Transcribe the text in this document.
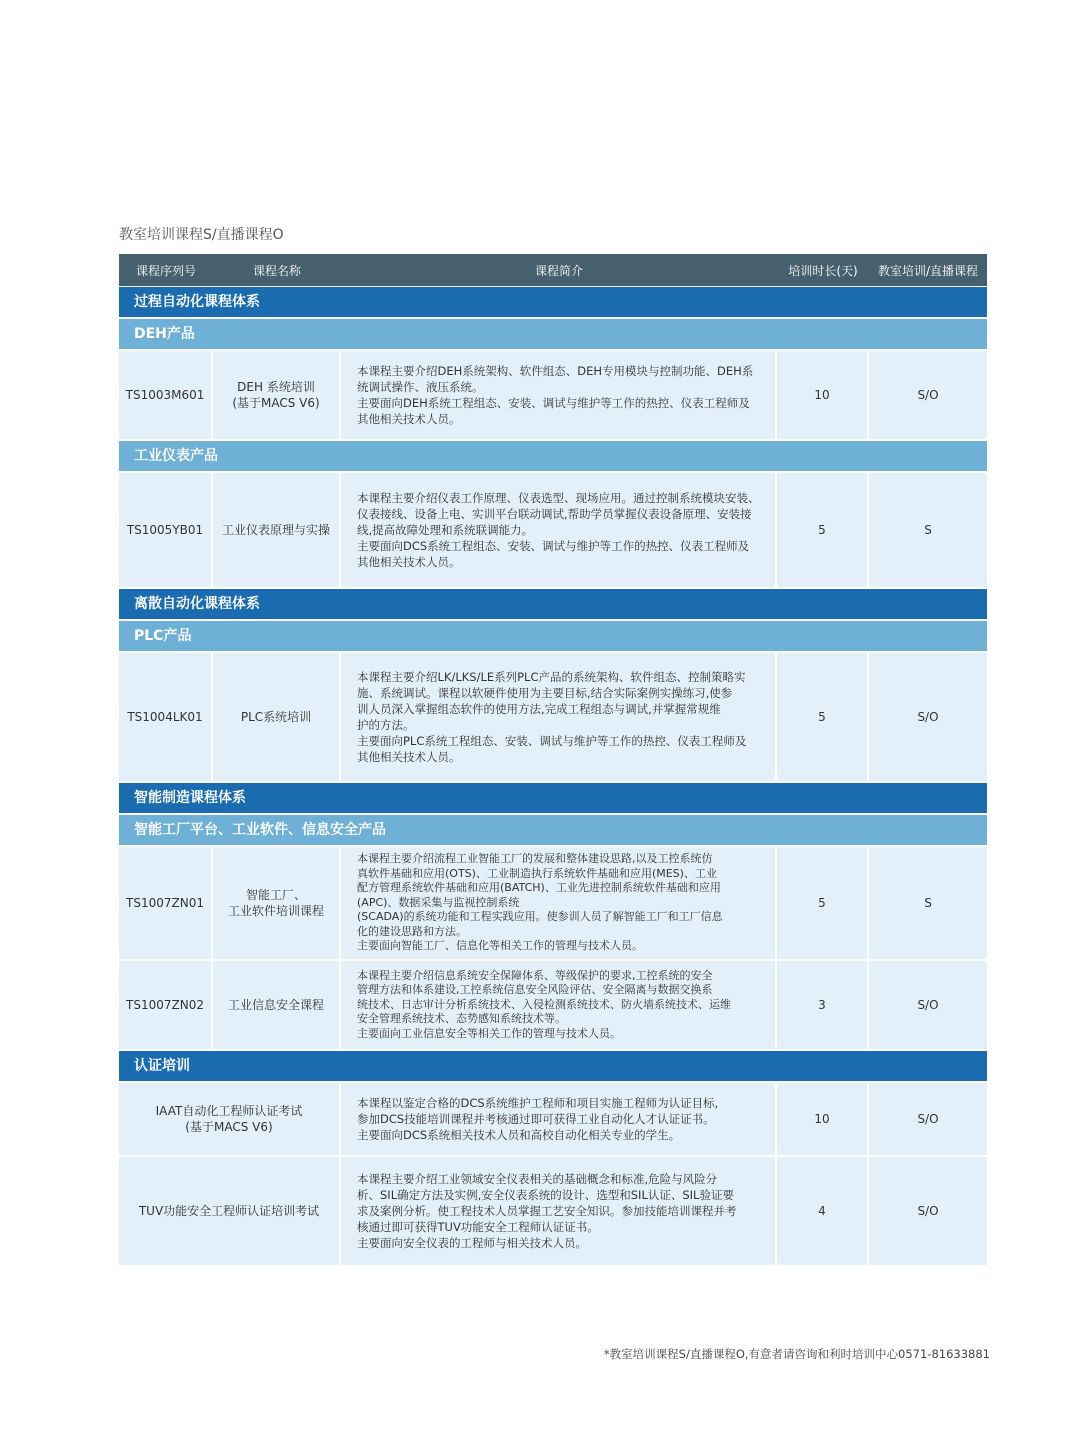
教室培训课程S/直播课程O
课程序列号	课程名称	课程简介	培训时长(天)	教室培训/直播课程
过程自动化课程体系
DEH产品
TS1003M601
DEH 系统培训
(基于MACS V6)
本课程主要介绍DEH系统架构、软件组态、DEH专用模块与控制功能、DEH系
统调试操作、液压系统。
主要面向DEH系统工程组态、安装、调试与维护等工作的热控、仪表工程师及
其他相关技术人员。
10	S/O
工业仪表产品
TS1005YB01	工业仪表原理与实操
本课程主要介绍仪表工作原理、仪表选型、现场应用。通过控制系统模块安装、
仪表接线、设备上电、实训平台联动调试,帮助学员掌握仪表设备原理、安装接
线,提高故障处理和系统联调能力。
主要面向DCS系统工程组态、安装、调试与维护等工作的热控、仪表工程师及
其他相关技术人员。
5	S
离散自动化课程体系
PLC产品
TS1004LK01	PLC系统培训
本课程主要介绍LK/LKS/LE系列PLC产品的系统架构、软件组态、控制策略实
施、系统调试。课程以软硬件使用为主要目标,结合实际案例实操练习,使参
训人员深入掌握组态软件的使用方法,完成工程组态与调试,并掌握常规维
护的方法。
主要面向PLC系统工程组态、安装、调试与维护等工作的热控、仪表工程师及
其他相关技术人员。
5	S/O
智能制造课程体系
智能工厂平台、工业软件、信息安全产品
TS1007ZN01
智能工厂、
工业软件培训课程
本课程主要介绍流程工业智能工厂的发展和整体建设思路,以及工控系统仿
真软件基础和应用(OTS)、工业制造执行系统软件基础和应用(MES)、工业
配方管理系统软件基础和应用(BATCH)、工业先进控制系统软件基础和应用
(APC)、数据采集与监视控制系统
(SCADA)的系统功能和工程实践应用。使参训人员了解智能工厂和工厂信息
化的建设思路和方法。
主要面向智能工厂、信息化等相关工作的管理与技术人员。
5	S
TS1007ZN02	工业信息安全课程
本课程主要介绍信息系统安全保障体系、等级保护的要求,工控系统的安全
管理方法和体系建设,工控系统信息安全风险评估、安全隔离与数据交换系
统技术、日志审计分析系统技术、入侵检测系统技术、防火墙系统技术、运维
安全管理系统技术、态势感知系统技术等。
主要面向工业信息安全等相关工作的管理与技术人员。
3	S/O
认证培训
IAAT自动化工程师认证考试
(基于MACS V6)
本课程以鉴定合格的DCS系统维护工程师和项目实施工程师为认证目标,
参加DCS技能培训课程并考核通过即可获得工业自动化人才认证证书。
主要面向DCS系统相关技术人员和高校自动化相关专业的学生。
10	S/O
TUV功能安全工程师认证培训考试
本课程主要介绍工业领域安全仪表相关的基础概念和标准,危险与风险分
析、SIL确定方法及实例,安全仪表系统的设计、选型和SIL认证、SIL验证要
求及案例分析。使工程技术人员掌握工艺安全知识。参加技能培训课程并考
核通过即可获得TUV功能安全工程师认证证书。
主要面向安全仪表的工程师与相关技术人员。
4	S/O
*教室培训课程S/直播课程O,有意者请咨询和利时培训中心0571-81633881
